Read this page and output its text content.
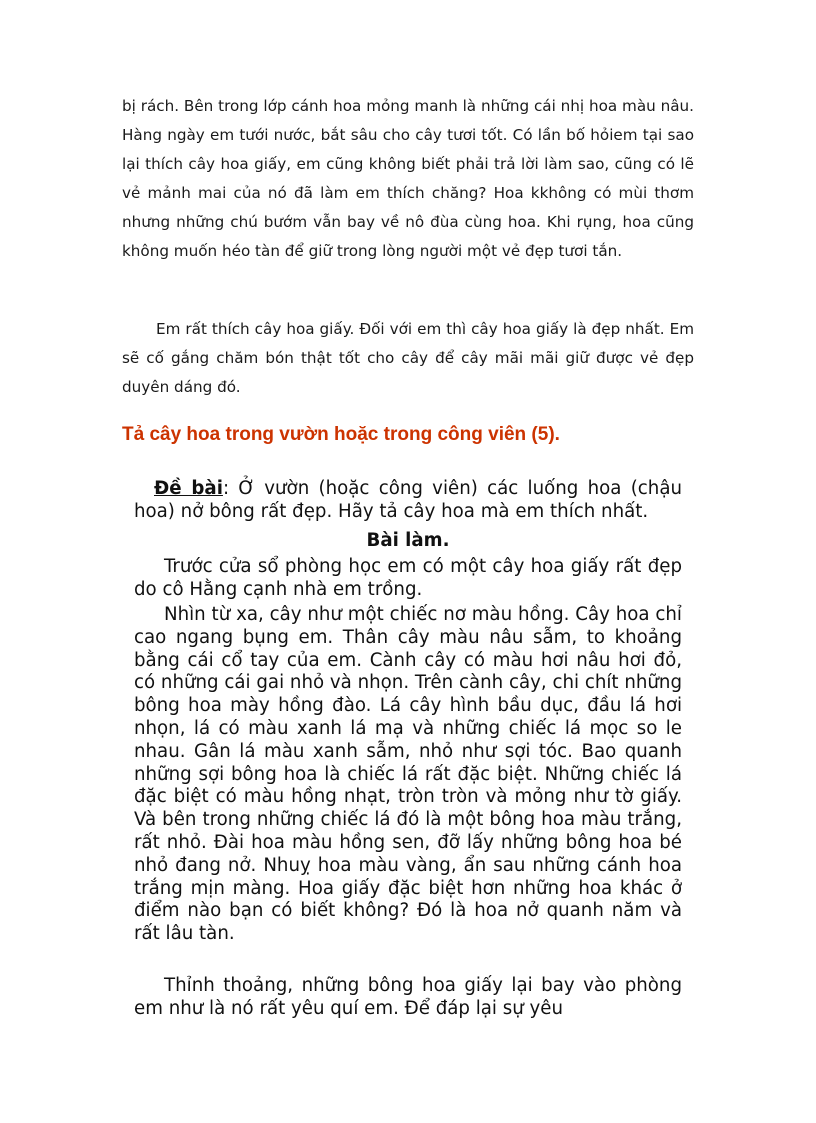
bị rách. Bên trong lớp cánh hoa mỏng manh là những cái nhị hoa màu nâu. Hàng ngày em tưới nước, bắt sâu cho cây tươi tốt. Có lần bố hỏiem tại sao lại thích cây hoa giấy, em cũng không biết phải trả lời làm sao, cũng có lẽ vẻ mảnh mai của nó đã làm em thích chăng? Hoa kkhông có mùi thơm nhưng những chú bướm vẫn bay về nô đùa cùng hoa. Khi rụng, hoa cũng không muốn héo tàn để giữ trong lòng người một vẻ đẹp tươi tắn.

Em rất thích cây hoa giấy. Đối với em thì cây hoa giấy là đẹp nhất. Em sẽ cố gắng chăm bón thật tốt cho cây để cây mãi mãi giữ được vẻ đẹp duyên dáng đó.

Tả cây hoa trong vườn hoặc trong công viên (5).

Đề bài: Ở vườn (hoặc công viên) các luống hoa (chậu hoa) nở bông rất đẹp. Hãy tả cây hoa mà em thích nhất.

Bài làm.

Trước cửa sổ phòng học em có một cây hoa giấy rất đẹp do cô Hằng cạnh nhà em trồng.

Nhìn từ xa, cây như một chiếc nơ màu hồng. Cây hoa chỉ cao ngang bụng em. Thân cây màu nâu sẫm, to khoảng bằng cái cổ tay của em. Cành cây có màu hơi nâu hơi đỏ, có những cái gai nhỏ và nhọn. Trên cành cây, chi chít những bông hoa mày hồng đào. Lá cây hình bầu dục, đầu lá hơi nhọn, lá có màu xanh lá mạ và những chiếc lá mọc so le nhau. Gân lá màu xanh sẫm, nhỏ như sợi tóc. Bao quanh những sợi bông hoa là chiếc lá rất đặc biệt. Những chiếc lá đặc biệt có màu hồng nhạt, tròn tròn và mỏng như tờ giấy. Và bên trong những chiếc lá đó là một bông hoa màu trắng, rất nhỏ. Đài hoa màu hồng sen, đỡ lấy những bông hoa bé nhỏ đang nở. Nhuỵ hoa màu vàng, ẩn sau những cánh hoa trắng mịn màng. Hoa giấy đặc biệt hơn những hoa khác ở điểm nào bạn có biết không? Đó là hoa nở quanh năm và rất lâu tàn.

Thỉnh thoảng, những bông hoa giấy lại bay vào phòng em như là nó rất yêu quí em. Để đáp lại sự yêu
